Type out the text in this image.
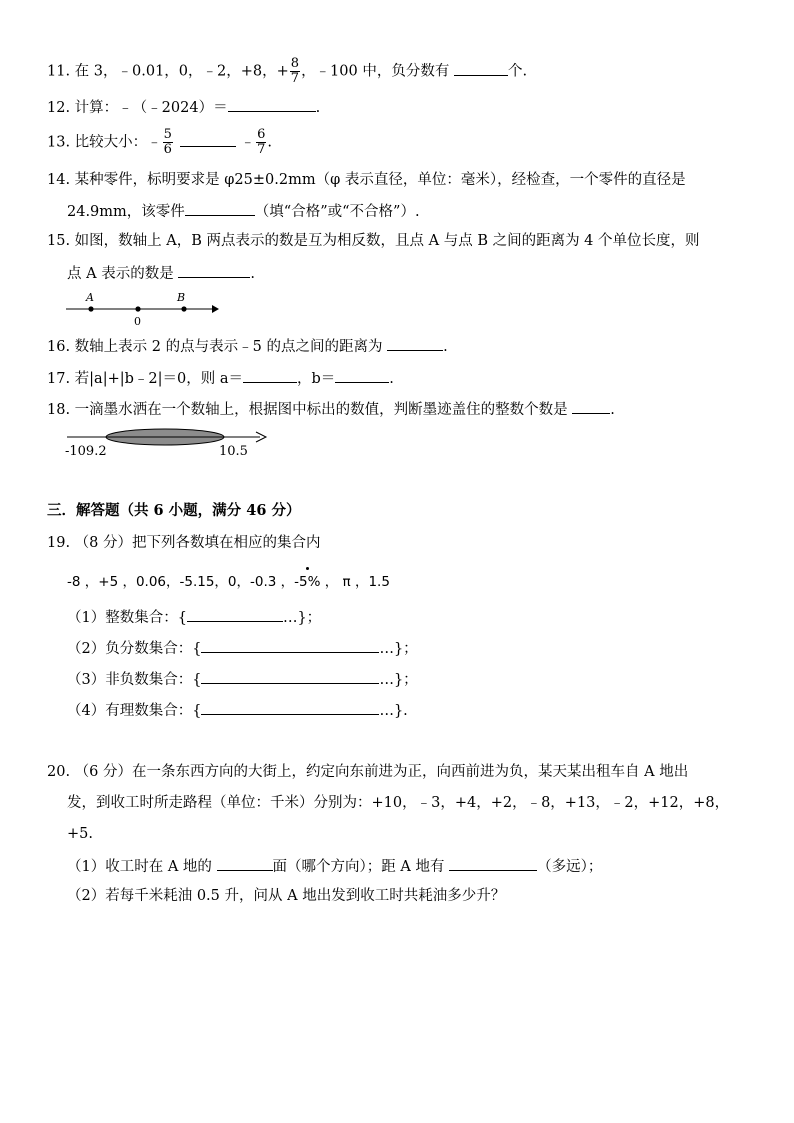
11. 在 3，﹣0.01，0，﹣2，+8，+ $\frac{8}{7}$ ，﹣100 中，负分数有	个.
12. 计算：﹣（﹣2024）＝	.
13. 比较大小：﹣ $\frac{5}{6}$	﹣ $\frac{6}{7}$ .
14. 某种零件，标明要求是 φ25±0.2mm（φ 表示直径，单位：毫米），经检查，一个零件的直径是
24.9mm，该零件	（填“合格”或“不合格”）.
15. 如图，数轴上 A，B 两点表示的数是互为相反数，且点 A 与点 B 之间的距离为 4 个单位长度，则
点 A 表示的数是	.
A	B
0
16. 数轴上表示 2 的点与表示﹣5 的点之间的距离为	.
17. 若|a|+|b﹣2|＝0，则 a＝	，b＝	.
18. 一滴墨水洒在一个数轴上，根据图中标出的数值，判断墨迹盖住的整数个数是	.
-109.2	10.5
三．解答题（共 6 小题，满分 46 分）
19. （8 分）把下列各数填在相应的集合内
-8 ，+5 ，0.06，-5.15，0，-0.3 ，-5% ， π ，1.5
（1）整数集合：{	…}；
（2）负分数集合：{	…}；
（3）非负数集合：{	…}；
（4）有理数集合：{	…}.
20. （6 分）在一条东西方向的大街上，约定向东前进为正，向西前进为负，某天某出租车自 A 地出
发，到收工时所走路程（单位：千米）分别为：+10，﹣3，+4，+2，﹣8，+13，﹣2，+12，+8，
+5.
（1）收工时在 A 地的	面（哪个方向）；距 A 地有	（多远）；
（2）若每千米耗油 0.5 升，问从 A 地出发到收工时共耗油多少升？
